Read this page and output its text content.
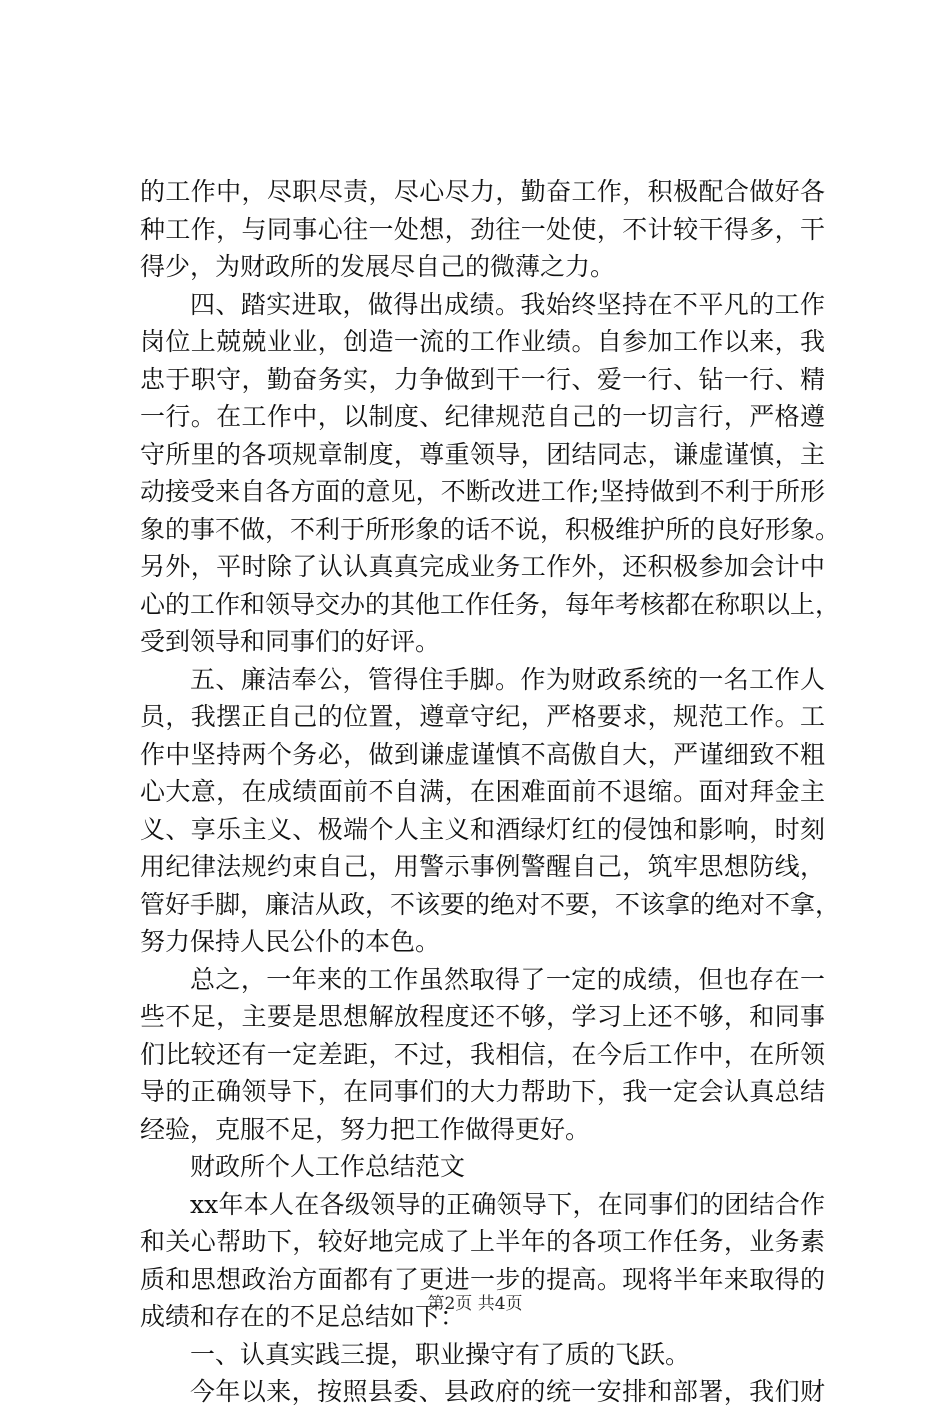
的工作中，尽职尽责，尽心尽力，勤奋工作，积极配合做好各
种工作，与同事心往一处想，劲往一处使，不计较干得多，干
得少，为财政所的发展尽自己的微薄之力。
四、踏实进取，做得出成绩。我始终坚持在不平凡的工作
岗位上兢兢业业，创造一流的工作业绩。自参加工作以来，我
忠于职守，勤奋务实，力争做到干一行、爱一行、钻一行、精
一行。在工作中，以制度、纪律规范自己的一切言行，严格遵
守所里的各项规章制度，尊重领导，团结同志，谦虚谨慎，主
动接受来自各方面的意见，不断改进工作;坚持做到不利于所形
象的事不做，不利于所形象的话不说，积极维护所的良好形象。
另外，平时除了认认真真完成业务工作外，还积极参加会计中
心的工作和领导交办的其他工作任务，每年考核都在称职以上，
受到领导和同事们的好评。
五、廉洁奉公，管得住手脚。作为财政系统的一名工作人
员，我摆正自己的位置，遵章守纪，严格要求，规范工作。工
作中坚持两个务必，做到谦虚谨慎不高傲自大，严谨细致不粗
心大意，在成绩面前不自满，在困难面前不退缩。面对拜金主
义、享乐主义、极端个人主义和酒绿灯红的侵蚀和影响，时刻
用纪律法规约束自己，用警示事例警醒自己，筑牢思想防线，
管好手脚，廉洁从政，不该要的绝对不要，不该拿的绝对不拿，
努力保持人民公仆的本色。
总之，一年来的工作虽然取得了一定的成绩，但也存在一
些不足，主要是思想解放程度还不够，学习上还不够，和同事
们比较还有一定差距，不过，我相信，在今后工作中，在所领
导的正确领导下，在同事们的大力帮助下，我一定会认真总结
经验，克服不足，努力把工作做得更好。
财政所个人工作总结范文
xx年本人在各级领导的正确领导下，在同事们的团结合作
和关心帮助下，较好地完成了上半年的各项工作任务，业务素
质和思想政治方面都有了更进一步的提高。现将半年来取得的
成绩和存在的不足总结如下：
一、认真实践三提，职业操守有了质的飞跃。
今年以来，按照县委、县政府的统一安排和部署，我们财
第2页 共4页
